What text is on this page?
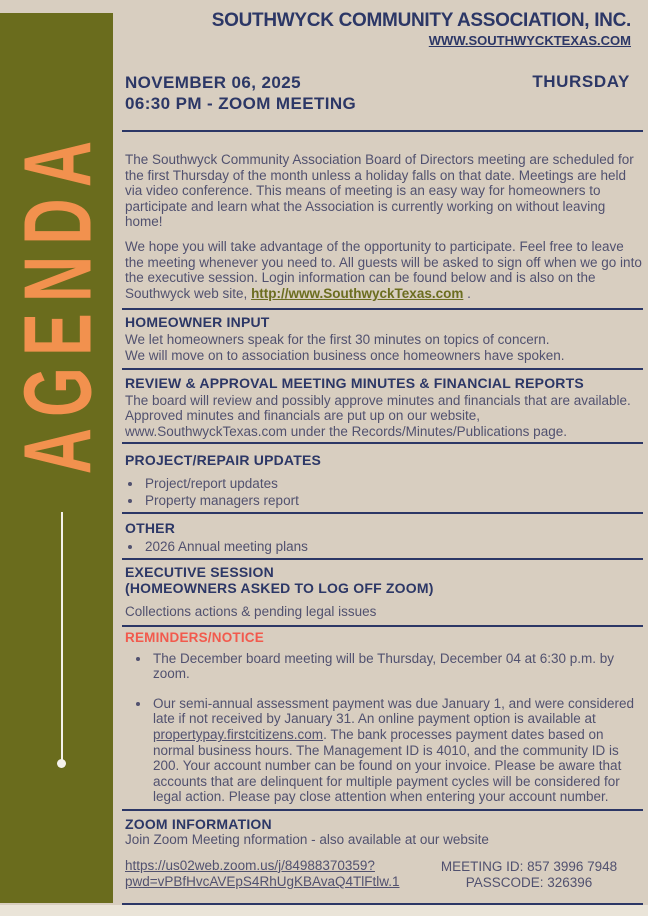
AGENDA
SOUTHWYCK COMMUNITY ASSOCIATION, INC.
WWW.SOUTHWYCKTEXAS.COM
NOVEMBER 06, 2025
06:30 PM - ZOOM MEETING
THURSDAY

The Southwyck Community Association Board of Directors meeting are scheduled for the first Thursday of the month unless a holiday falls on that date. Meetings are held via video conference. This means of meeting is an easy way for homeowners to participate and learn what the Association is currently working on without leaving home!

We hope you will take advantage of the opportunity to participate. Feel free to leave the meeting whenever you need to. All guests will be asked to sign off when we go into the executive session. Login information can be found below and is also on the Southwyck web site, http://www.SouthwyckTexas.com .

HOMEOWNER INPUT

We let homeowners speak for the first 30 minutes on topics of concern.

We will move on to association business once homeowners have spoken.

REVIEW & APPROVAL MEETING MINUTES & FINANCIAL REPORTS

The board will review and possibly approve minutes and financials that are available. Approved minutes and financials are put up on our website, www.SouthwyckTexas.com under the Records/Minutes/Publications page.

PROJECT/REPAIR UPDATES
• Project/report updates
• Property managers report
OTHER
• 2026 Annual meeting plans
EXECUTIVE SESSION
(HOMEOWNERS ASKED TO LOG OFF ZOOM)

Collections actions & pending legal issues

REMINDERS/NOTICE
• The December board meeting will be Thursday, December 04 at 6:30 p.m. by zoom.
• Our semi-annual assessment payment was due January 1, and were considered late if not received by January 31. An online payment option is available at propertypay.firstcitizens.com. The bank processes payment dates based on normal business hours. The Management ID is 4010, and the community ID is 200. Your account number can be found on your invoice. Please be aware that accounts that are delinquent for multiple payment cycles will be considered for legal action. Please pay close attention when entering your account number.
ZOOM INFORMATION

Join Zoom Meeting nformation - also available at our website

https://us02web.zoom.us/j/84988370359?
pwd=vPBfHvcAVEpS4RhUgKBAvaQ4TlFtlw.1
MEETING ID: 857 3996 7948
PASSCODE: 326396
